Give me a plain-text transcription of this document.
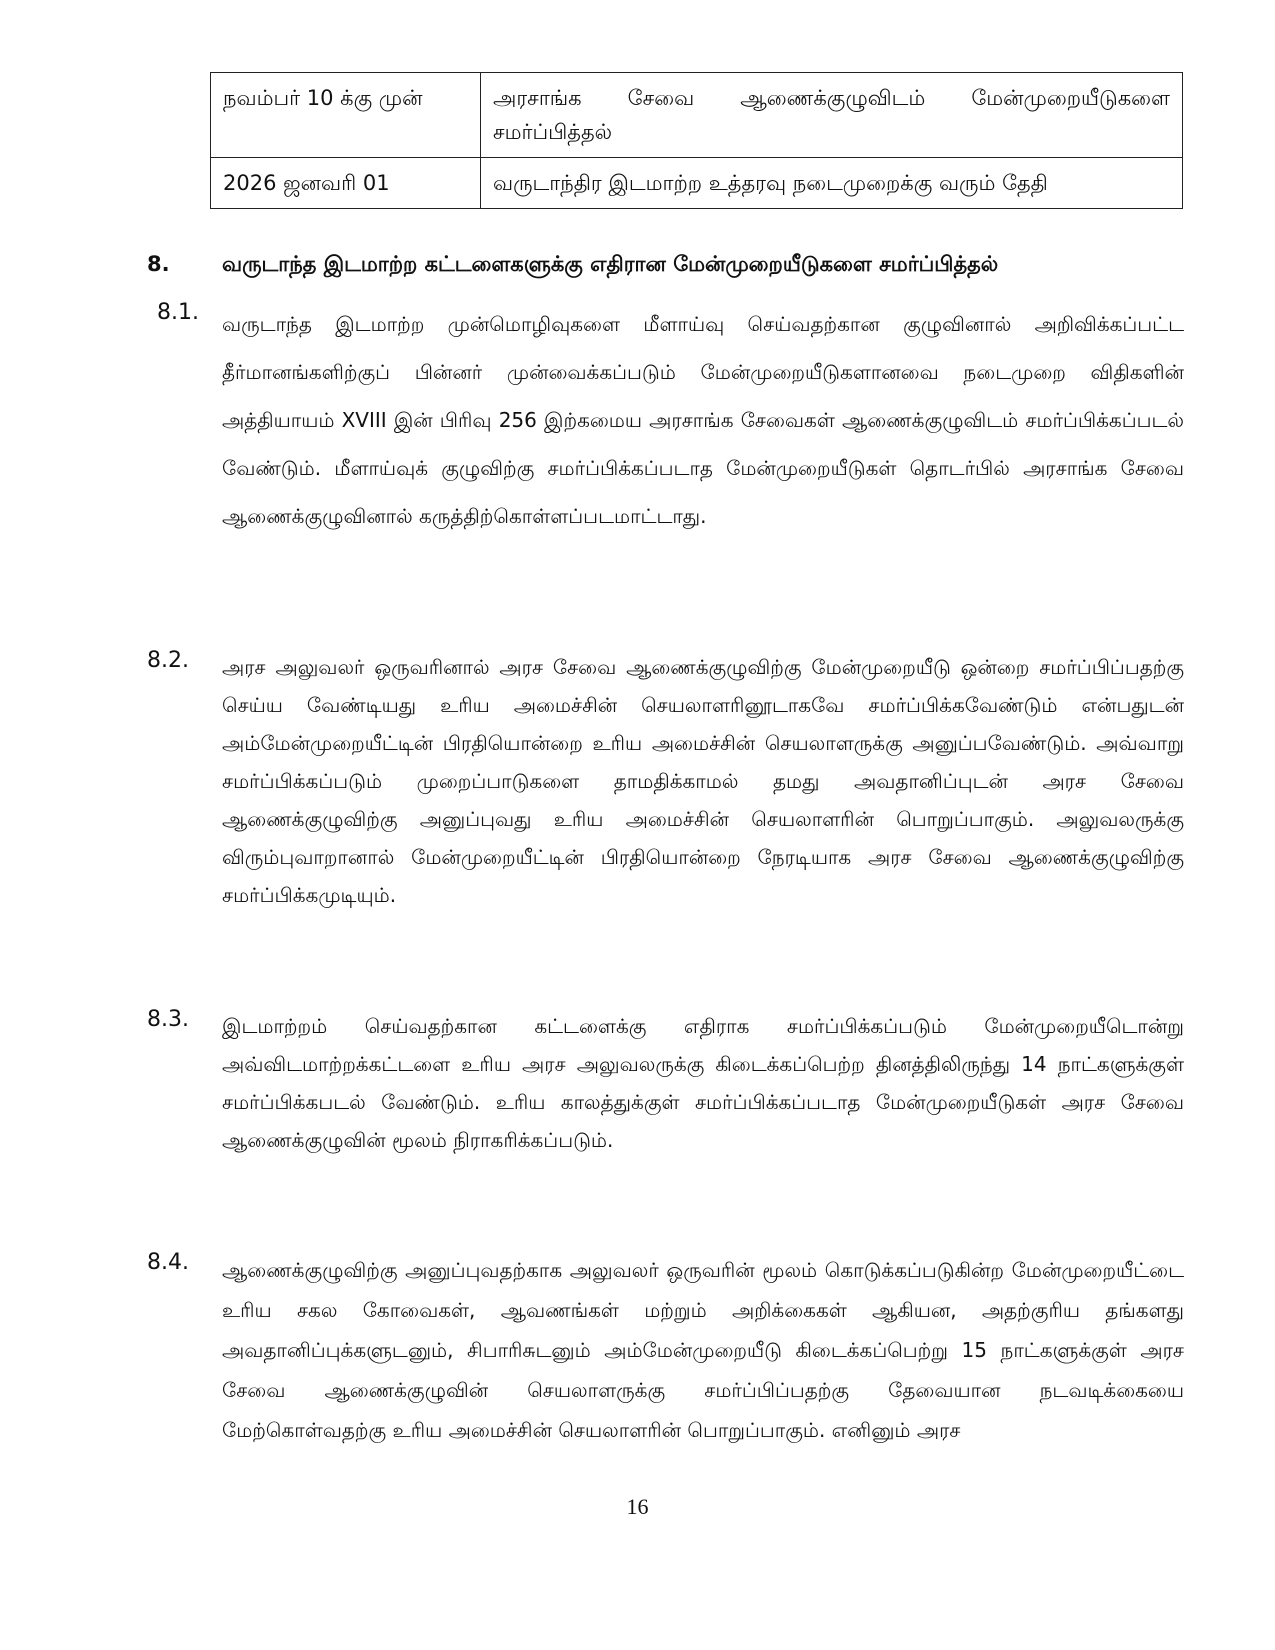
நவம்பர் 10 க்கு முன்	அரசாங்க சேவை ஆணைக்குழுவிடம் மேன்முறையீடுகளை சமர்ப்பித்தல்
2026 ஜனவரி 01	வருடாந்திர இடமாற்ற உத்தரவு நடைமுறைக்கு வரும் தேதி
8. வருடாந்த இடமாற்ற கட்டளைகளுக்கு எதிரான மேன்முறையீடுகளை சமர்ப்பித்தல்
8.1. வருடாந்த இடமாற்ற முன்மொழிவுகளை மீளாய்வு செய்வதற்கான குழுவினால் அறிவிக்கப்பட்ட தீர்மானங்களிற்குப் பின்னர் முன்வைக்கப்படும் மேன்முறையீடுகளானவை நடைமுறை விதிகளின் அத்தியாயம் XVIII இன் பிரிவு 256 இற்கமைய அரசாங்க சேவைகள் ஆணைக்குழுவிடம் சமர்ப்பிக்கப்படல் வேண்டும். மீளாய்வுக் குழுவிற்கு சமர்ப்பிக்கப்படாத மேன்முறையீடுகள் தொடர்பில் அரசாங்க சேவை ஆணைக்குழுவினால் கருத்திற்கொள்ளப்படமாட்டாது.
8.2. அரச அலுவலர் ஒருவரினால் அரச சேவை ஆணைக்குழுவிற்கு மேன்முறையீடு ஒன்றை சமர்ப்பிப்பதற்கு செய்ய வேண்டியது உரிய அமைச்சின் செயலாளரினூடாகவே சமர்ப்பிக்கவேண்டும் என்பதுடன் அம்மேன்முறையீட்டின் பிரதியொன்றை உரிய அமைச்சின் செயலாளருக்கு அனுப்பவேண்டும். அவ்வாறு சமர்ப்பிக்கப்படும் முறைப்பாடுகளை தாமதிக்காமல் தமது அவதானிப்புடன் அரச சேவை ஆணைக்குழுவிற்கு அனுப்புவது உரிய அமைச்சின் செயலாளரின் பொறுப்பாகும். அலுவலருக்கு விரும்புவாறானால் மேன்முறையீட்டின் பிரதியொன்றை நேரடியாக அரச சேவை ஆணைக்குழுவிற்கு சமர்ப்பிக்கமுடியும்.
8.3. இடமாற்றம் செய்வதற்கான கட்டளைக்கு எதிராக சமர்ப்பிக்கப்படும் மேன்முறையீடொன்று அவ்விடமாற்றக்கட்டளை உரிய அரச அலுவலருக்கு கிடைக்கப்பெற்ற தினத்திலிருந்து 14 நாட்களுக்குள் சமர்ப்பிக்கபடல் வேண்டும். உரிய காலத்துக்குள் சமர்ப்பிக்கப்படாத மேன்முறையீடுகள் அரச சேவை ஆணைக்குழுவின் மூலம் நிராகரிக்கப்படும்.
8.4. ஆணைக்குழுவிற்கு அனுப்புவதற்காக அலுவலர் ஒருவரின் மூலம் கொடுக்கப்படுகின்ற மேன்முறையீட்டை உரிய சகல கோவைகள், ஆவணங்கள் மற்றும் அறிக்கைகள் ஆகியன, அதற்குரிய தங்களது அவதானிப்புக்களுடனும், சிபாரிசுடனும் அம்மேன்முறையீடு கிடைக்கப்பெற்று 15 நாட்களுக்குள் அரச சேவை ஆணைக்குழுவின் செயலாளருக்கு சமர்ப்பிப்பதற்கு தேவையான நடவடிக்கையை மேற்கொள்வதற்கு உரிய அமைச்சின் செயலாளரின் பொறுப்பாகும். எனினும் அரச
16
